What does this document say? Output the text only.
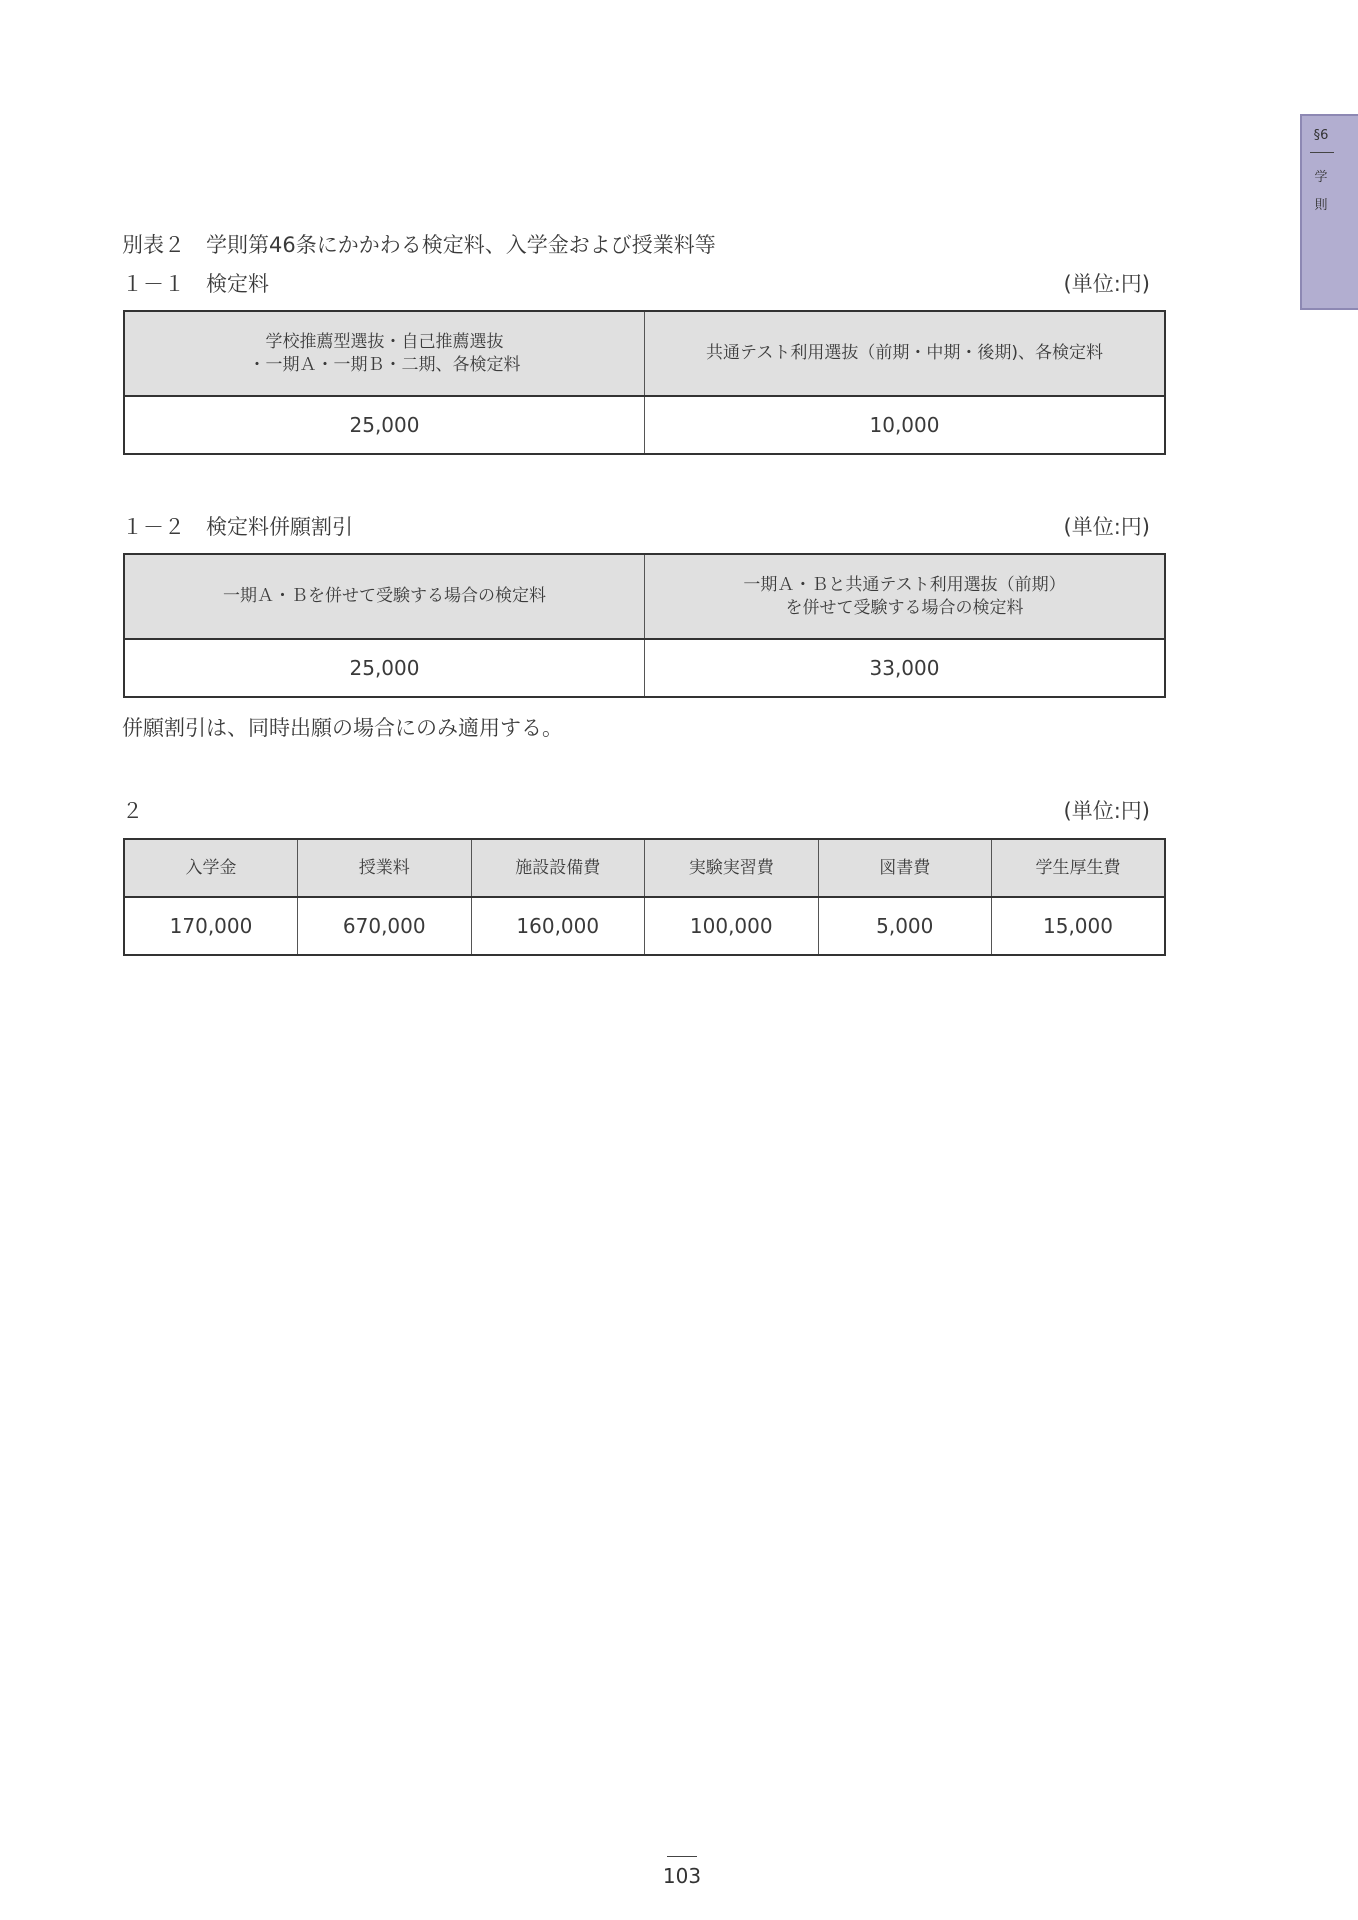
§6
学
則
別表２　学則第46条にかかわる検定料、入学金および授業料等
１－１　検定料	(単位:円)
学校推薦型選抜・自己推薦選抜
・一期Ａ・一期Ｂ・二期、各検定料	共通テスト利用選抜（前期・中期・後期)、各検定料

25,000	10,000
１－２　検定料併願割引	(単位:円)
一期Ａ・Ｂを併せて受験する場合の検定料	一期Ａ・Ｂと共通テスト利用選抜（前期）
を併せて受験する場合の検定料

25,000	33,000
併願割引は、同時出願の場合にのみ適用する。
２	(単位:円)
入学金	授業料	施設設備費	実験実習費	図書費	学生厚生費
170,000	670,000	160,000	100,000	5,000	15,000
103
